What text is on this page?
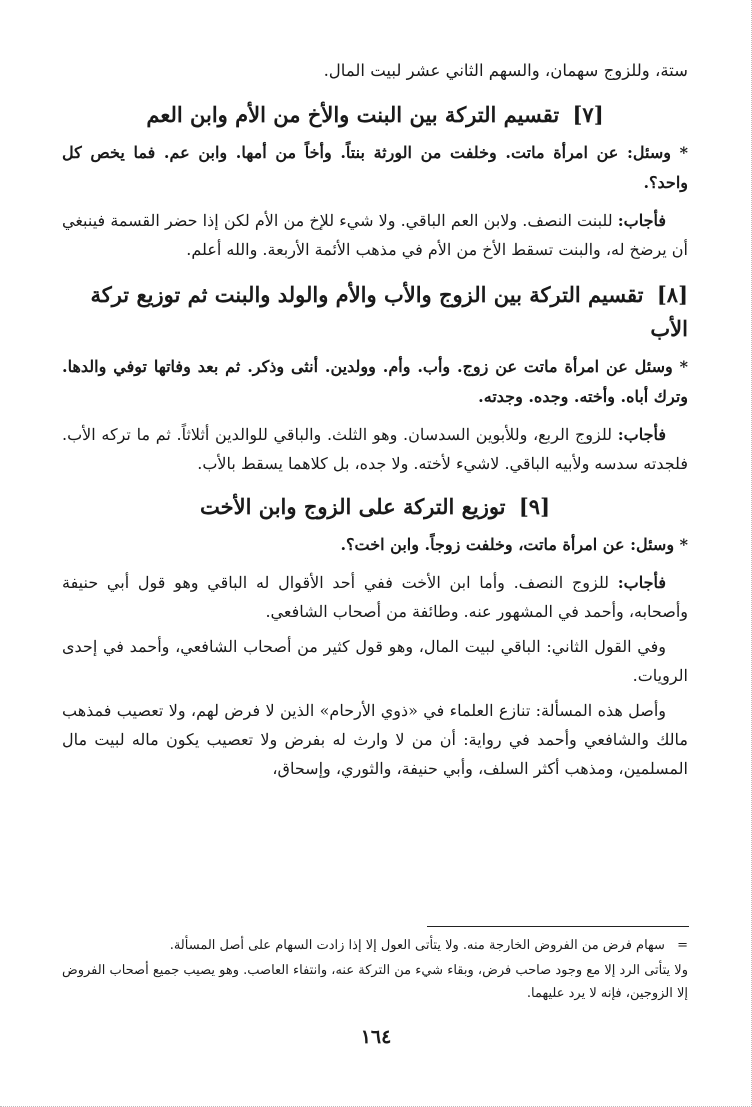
ستة، وللزوج سهمان، والسهم الثاني عشر لبيت المال.

[٧] تقسيم التركة بين البنت والأخ من الأم وابن العم

* وسئل: عن امرأة ماتت. وخلفت من الورثة بنتاً. وأخاً من أمها. وابن عم. فما يخص كل واحد؟.

فأجاب: للبنت النصف. ولابن العم الباقي. ولا شيء للإخ من الأم لكن إذا حضر القسمة فينبغي أن يرضخ له، والبنت تسقط الأخ من الأم في مذهب الأئمة الأربعة. والله أعلم.

[٨] تقسيم التركة بين الزوج والأب والأم والولد والبنت ثم توزيع تركة الأب

* وسئل عن امرأة ماتت عن زوج. وأب. وأم. وولدين. أنثى وذكر. ثم بعد وفاتها توفي والدها. وترك أباه. وأخته. وجده. وجدته.

فأجاب: للزوج الربع، وللأبوين السدسان. وهو الثلث. والباقي للوالدين أثلاثاً. ثم ما تركه الأب. فلجدته سدسه ولأبيه الباقي. لاشيء لأخته. ولا جده، بل كلاهما يسقط بالأب.

[٩] توزيع التركة على الزوج وابن الأخت

* وسئل: عن امرأة ماتت، وخلفت زوجاً. وابن اخت؟.

فأجاب: للزوج النصف. وأما ابن الأخت ففي أحد الأقوال له الباقي وهو قول أبي حنيفة وأصحابه، وأحمد في المشهور عنه. وطائفة من أصحاب الشافعي.

وفي القول الثاني: الباقي لبيت المال، وهو قول كثير من أصحاب الشافعي، وأحمد في إحدى الرويات.

وأصل هذه المسألة: تنازع العلماء في «ذوي الأرحام» الذين لا فرض لهم، ولا تعصيب فمذهب مالك والشافعي وأحمد في رواية: أن من لا وارث له بفرض ولا تعصيب يكون ماله لبيت مال المسلمين، ومذهب أكثر السلف، وأبي حنيفة، والثوري، وإسحاق،

= سهام فرض من الفروض الخارجة منه. ولا يتأتى العول إلا إذا زادت السهام على أصل المسألة.

ولا يتأتى الرد إلا مع وجود صاحب فرض، وبقاء شيء من التركة عنه، وانتفاء العاصب. وهو يصيب جميع أصحاب الفروض إلا الزوجين، فإنه لا يرد عليهما.

١٦٤
